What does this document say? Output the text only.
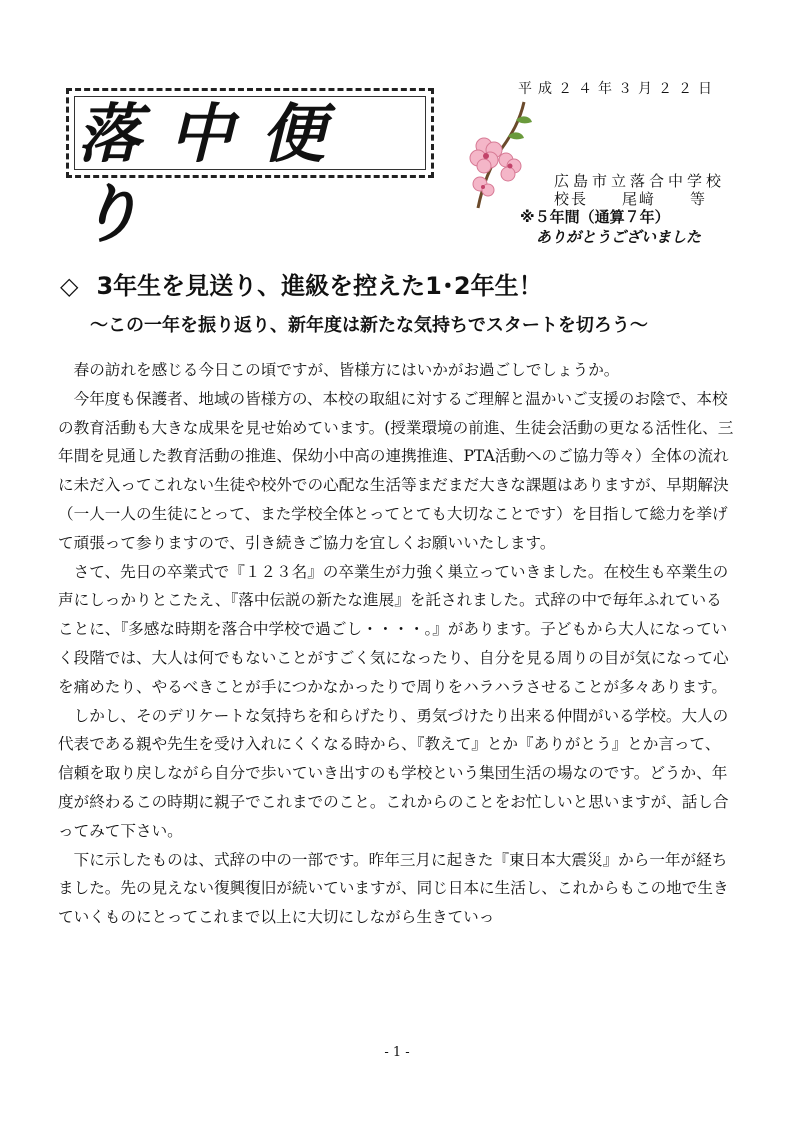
平成２４年３月２２日
落中便り	広島市立落合中学校
校長　　尾﨑　　等
※５年間（通算７年）
ありがとうございました
◇ 3年生を見送り、進級を控えた1･2年生！
～この一年を振り返り、新年度は新たな気持ちでスタートを切ろう～

春の訪れを感じる今日この頃ですが、皆様方にはいかがお過ごしでしょうか。

今年度も保護者、地域の皆様方の、本校の取組に対するご理解と温かいご支援のお陰で、本校の教育活動も大きな成果を見せ始めています。(授業環境の前進、生徒会活動の更なる活性化、三年間を見通した教育活動の推進、保幼小中高の連携推進、PTA活動へのご協力等々）全体の流れに未だ入ってこれない生徒や校外での心配な生活等まだまだ大きな課題はありますが、早期解決（一人一人の生徒にとって、また学校全体とってとても大切なことです）を目指して総力を挙げて頑張って参りますので、引き続きご協力を宜しくお願いいたします。

さて、先日の卒業式で『１２３名』の卒業生が力強く巣立っていきました。在校生も卒業生の声にしっかりとこたえ、『落中伝説の新たな進展』を託されました。式辞の中で毎年ふれていることに、『多感な時期を落合中学校で過ごし・・・・。』があります。子どもから大人になっていく段階では、大人は何でもないことがすごく気になったり、自分を見る周りの目が気になって心を痛めたり、やるべきことが手につかなかったりで周りをハラハラさせることが多々あります。

しかし、そのデリケートな気持ちを和らげたり、勇気づけたり出来る仲間がいる学校。大人の代表である親や先生を受け入れにくくなる時から、『教えて』とか『ありがとう』とか言って、信頼を取り戻しながら自分で歩いていき出すのも学校という集団生活の場なのです。どうか、年度が終わるこの時期に親子でこれまでのこと。これからのことをお忙しいと思いますが、話し合ってみて下さい。

下に示したものは、式辞の中の一部です。昨年三月に起きた『東日本大震災』から一年が経ちました。先の見えない復興復旧が続いていますが、同じ日本に生活し、これからもこの地で生きていくものにとってこれまで以上に大切にしながら生きていっ

- 1 -
